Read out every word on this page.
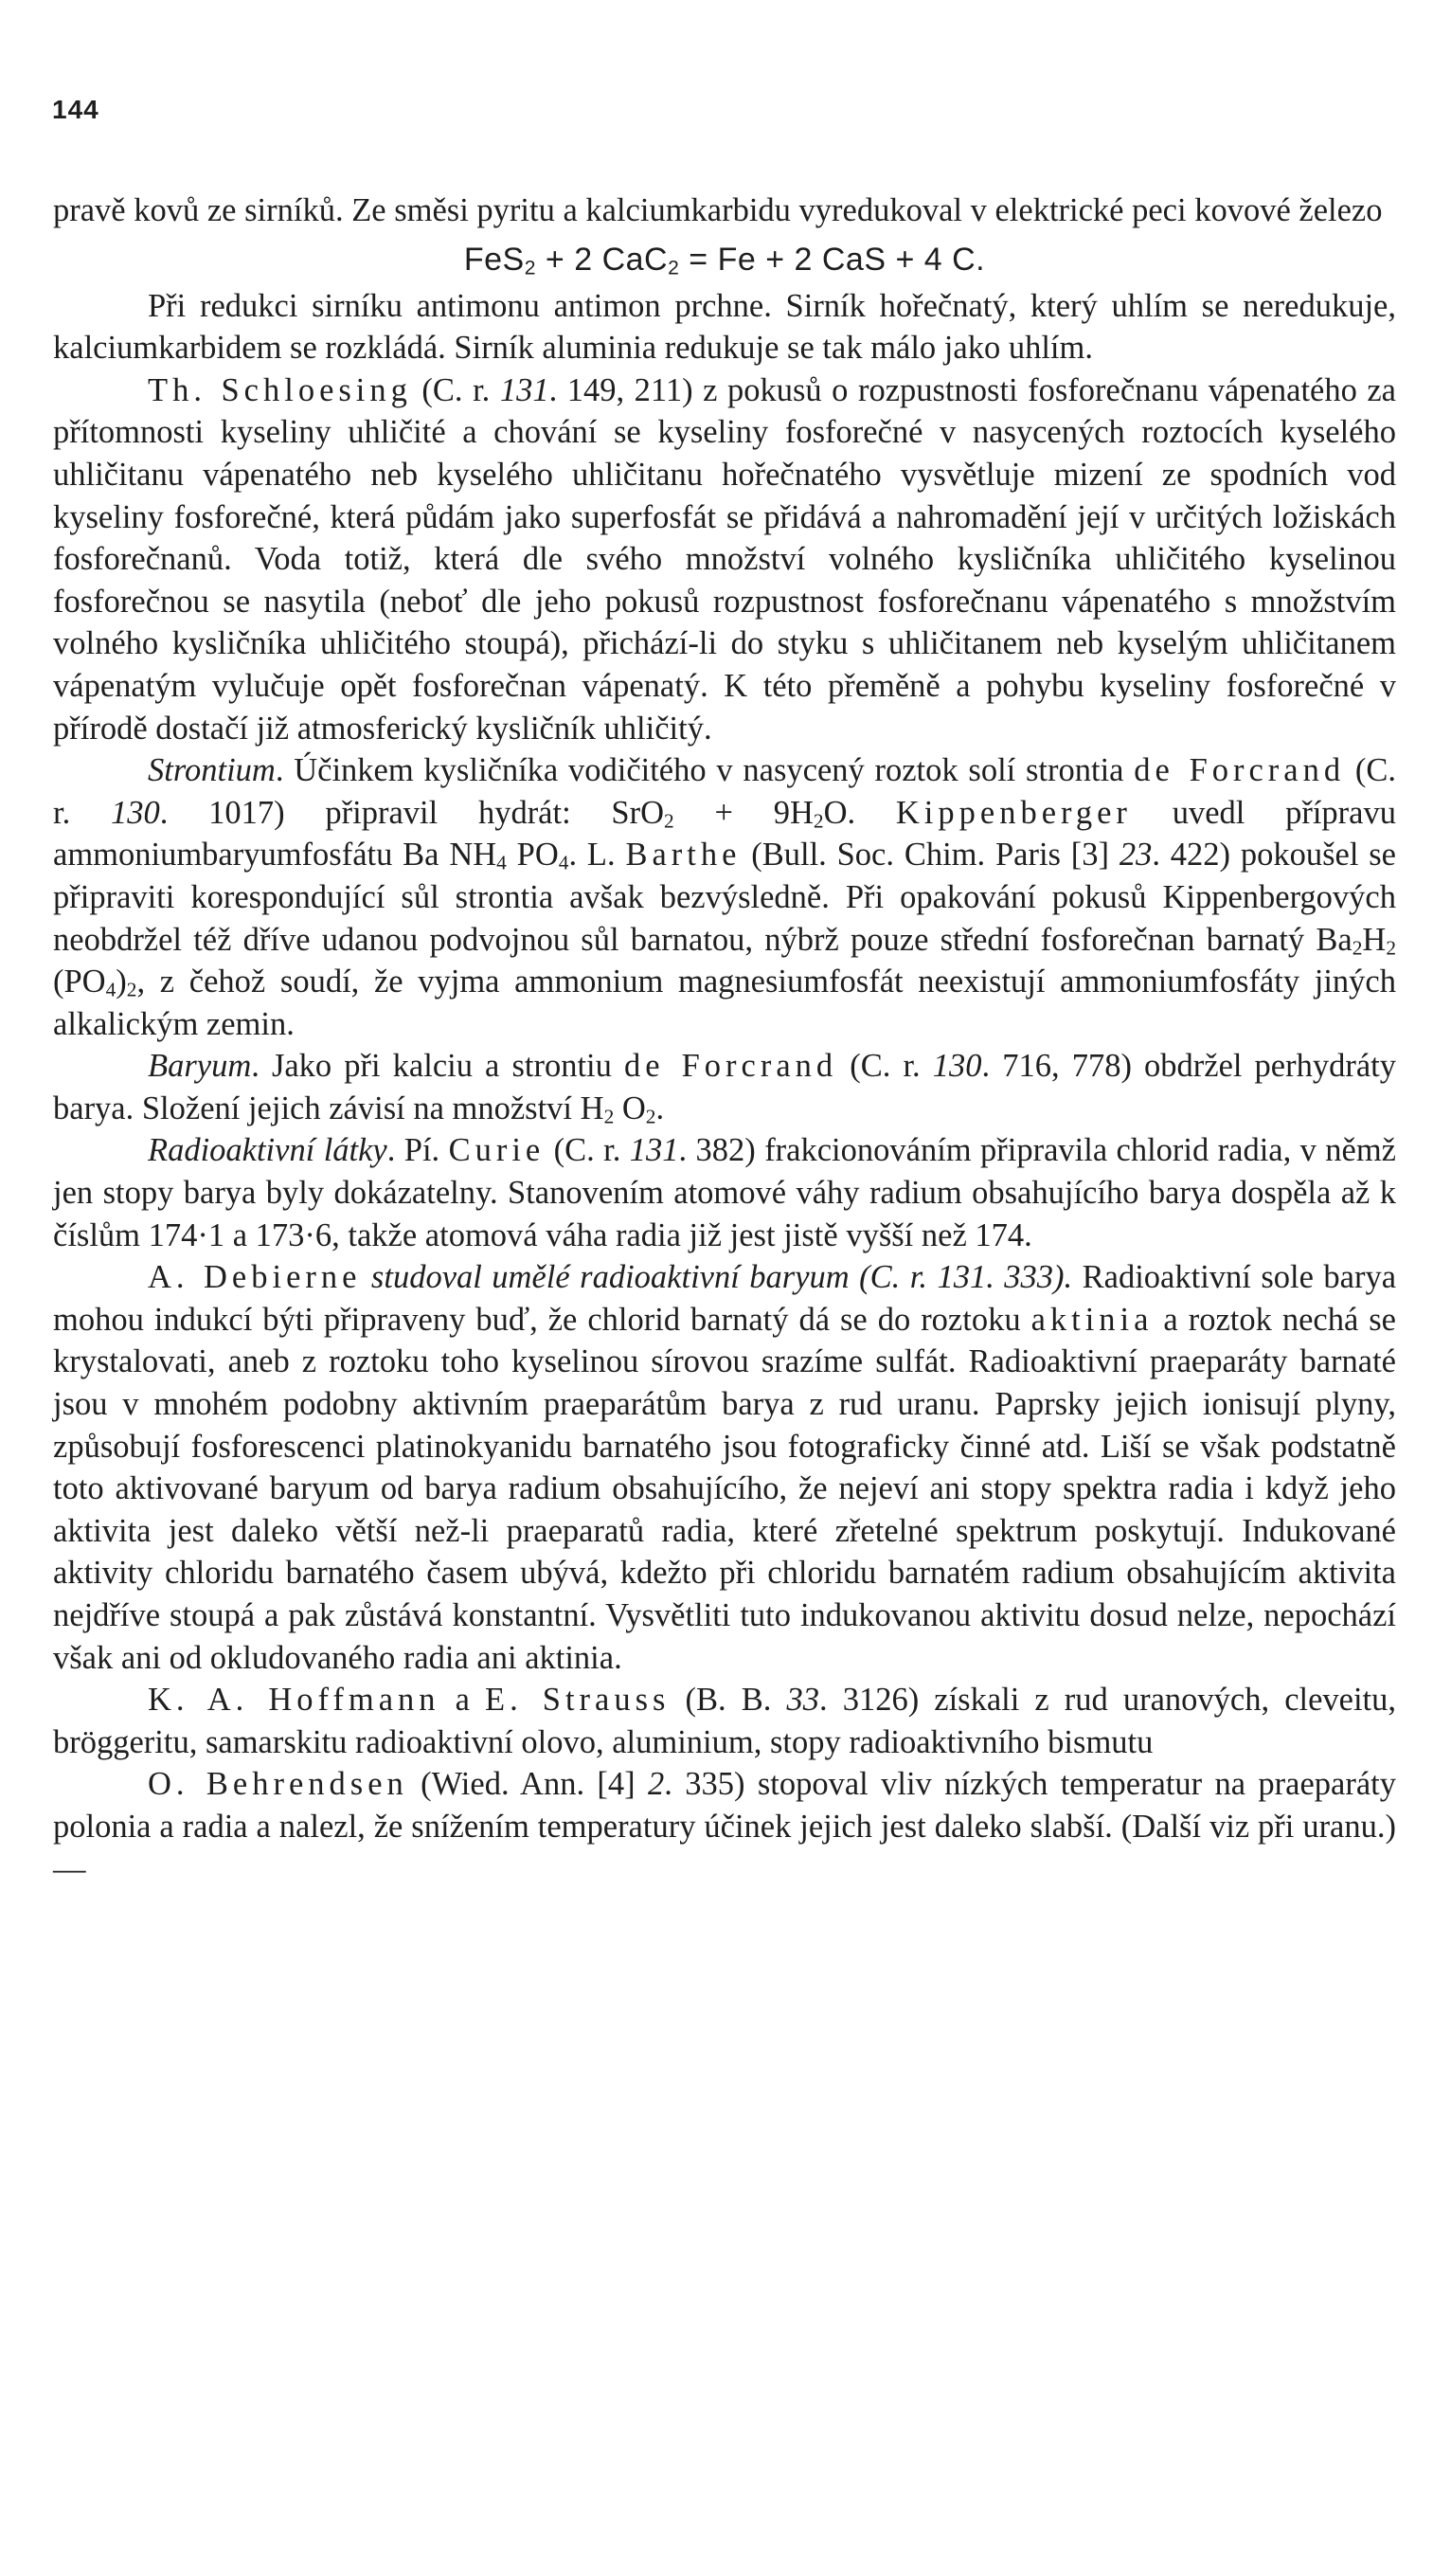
144

pravě kovů ze sirníků. Ze směsi pyritu a kalciumkarbidu vyredukoval v elektrické peci kovové železo

FeS$_2$ + 2 CaC$_2$ = Fe + 2 CaS + 4 C.

Při redukci sirníku antimonu antimon prchne. Sirník hořečnatý, který uhlím se neredukuje, kalciumkarbidem se rozkládá. Sirník aluminia redukuje se tak málo jako uhlím.

Th. Schloesing (C. r. 131. 149, 211) z pokusů o rozpustnosti fosforečnanu vápenatého za přítomnosti kyseliny uhličité a chování se kyseliny fosforečné v nasycených roztocích kyselého uhličitanu vápenatého neb kyselého uhličitanu hořečnatého vysvětluje mizení ze spodních vod kyseliny fosforečné, která půdám jako superfosfát se přidává a nahromadění její v určitých ložiskách fosforečnanů. Voda totiž, která dle svého množství volného kysličníka uhličitého kyselinou fosforečnou se nasytila (neboť dle jeho pokusů rozpustnost fosforečnanu vápenatého s množstvím volného kysličníka uhličitého stoupá), přichází-li do styku s uhličitanem neb kyselým uhličitanem vápenatým vylučuje opět fosforečnan vápenatý. K této přeměně a pohybu kyseliny fosforečné v přírodě dostačí již atmosferický kysličník uhličitý.

Strontium. Účinkem kysličníka vodičitého v nasycený roztok solí strontia de Forcrand (C. r. 130. 1017) připravil hydrát: $SrO_2 + 9H_2O$. Kippenberger uvedl přípravu ammoniumbaryumfosfátu Ba $NH_4$ $PO_4$. L. Barthe (Bull. Soc. Chim. Paris [3] 23. 422) pokoušel se připraviti korespondující sůl strontia avšak bezvýsledně. Při opakování pokusů Kippenbergových neobdržel též dříve udanou podvojnou sůl barnatou, nýbrž pouze střední fosforečnan barnatý $Ba_2H_2$ $(PO_4)_2$, z čehož soudí, že vyjma ammonium magnesiumfosfát neexistují ammoniumfosfáty jiných alkalickým zemin.

Baryum. Jako při kalciu a strontiu de Forcrand (C. r. 130. 716, 778) obdržel perhydráty barya. Složení jejich závisí na množství $H_2$ $O_2$.

Radioaktivní látky. Pí. Curie (C. r. 131. 382) frakcionováním připravila chlorid radia, v němž jen stopy barya byly dokázatelny. Stanovením atomové váhy radium obsahujícího barya dospěla až k číslům 174·1 a 173·6, takže atomová váha radia již jest jistě vyšší než 174.

A. Debierne studoval umělé radioaktivní baryum (C. r. 131. 333). Radioaktivní sole barya mohou indukcí býti připraveny buď, že chlorid barnatý dá se do roztoku aktinia a roztok nechá se krystalovati, aneb z roztoku toho kyselinou sírovou srazíme sulfát. Radioaktivní praeparáty barnaté jsou v mnohém podobny aktivním praeparátům barya z rud uranu. Paprsky jejich ionisují plyny, způsobují fosforescenci platinokyanidu barnatého jsou fotograficky činné atd. Liší se však podstatně toto aktivované baryum od barya radium obsahujícího, že nejeví ani stopy spektra radia i když jeho aktivita jest daleko větší než-li praeparatů radia, které zřetelné spektrum poskytují. Indukované aktivity chloridu barnatého časem ubývá, kdežto při chloridu barnatém radium obsahujícím aktivita nejdříve stoupá a pak zůstává konstantní. Vysvětliti tuto indukovanou aktivitu dosud nelze, nepochází však ani od okludovaného radia ani aktinia.

K. A. Hoffmann a E. Strauss (B. B. 33. 3126) získali z rud uranových, cleveitu, bröggeritu, samarskitu radioaktivní olovo, aluminium, stopy radioaktivního bismutu

O. Behrendsen (Wied. Ann. [4] 2. 335) stopoval vliv nízkých temperatur na praeparáty polonia a radia a nalezl, že snížením temperatury účinek jejich jest daleko slabší. (Další viz při uranu.) —
